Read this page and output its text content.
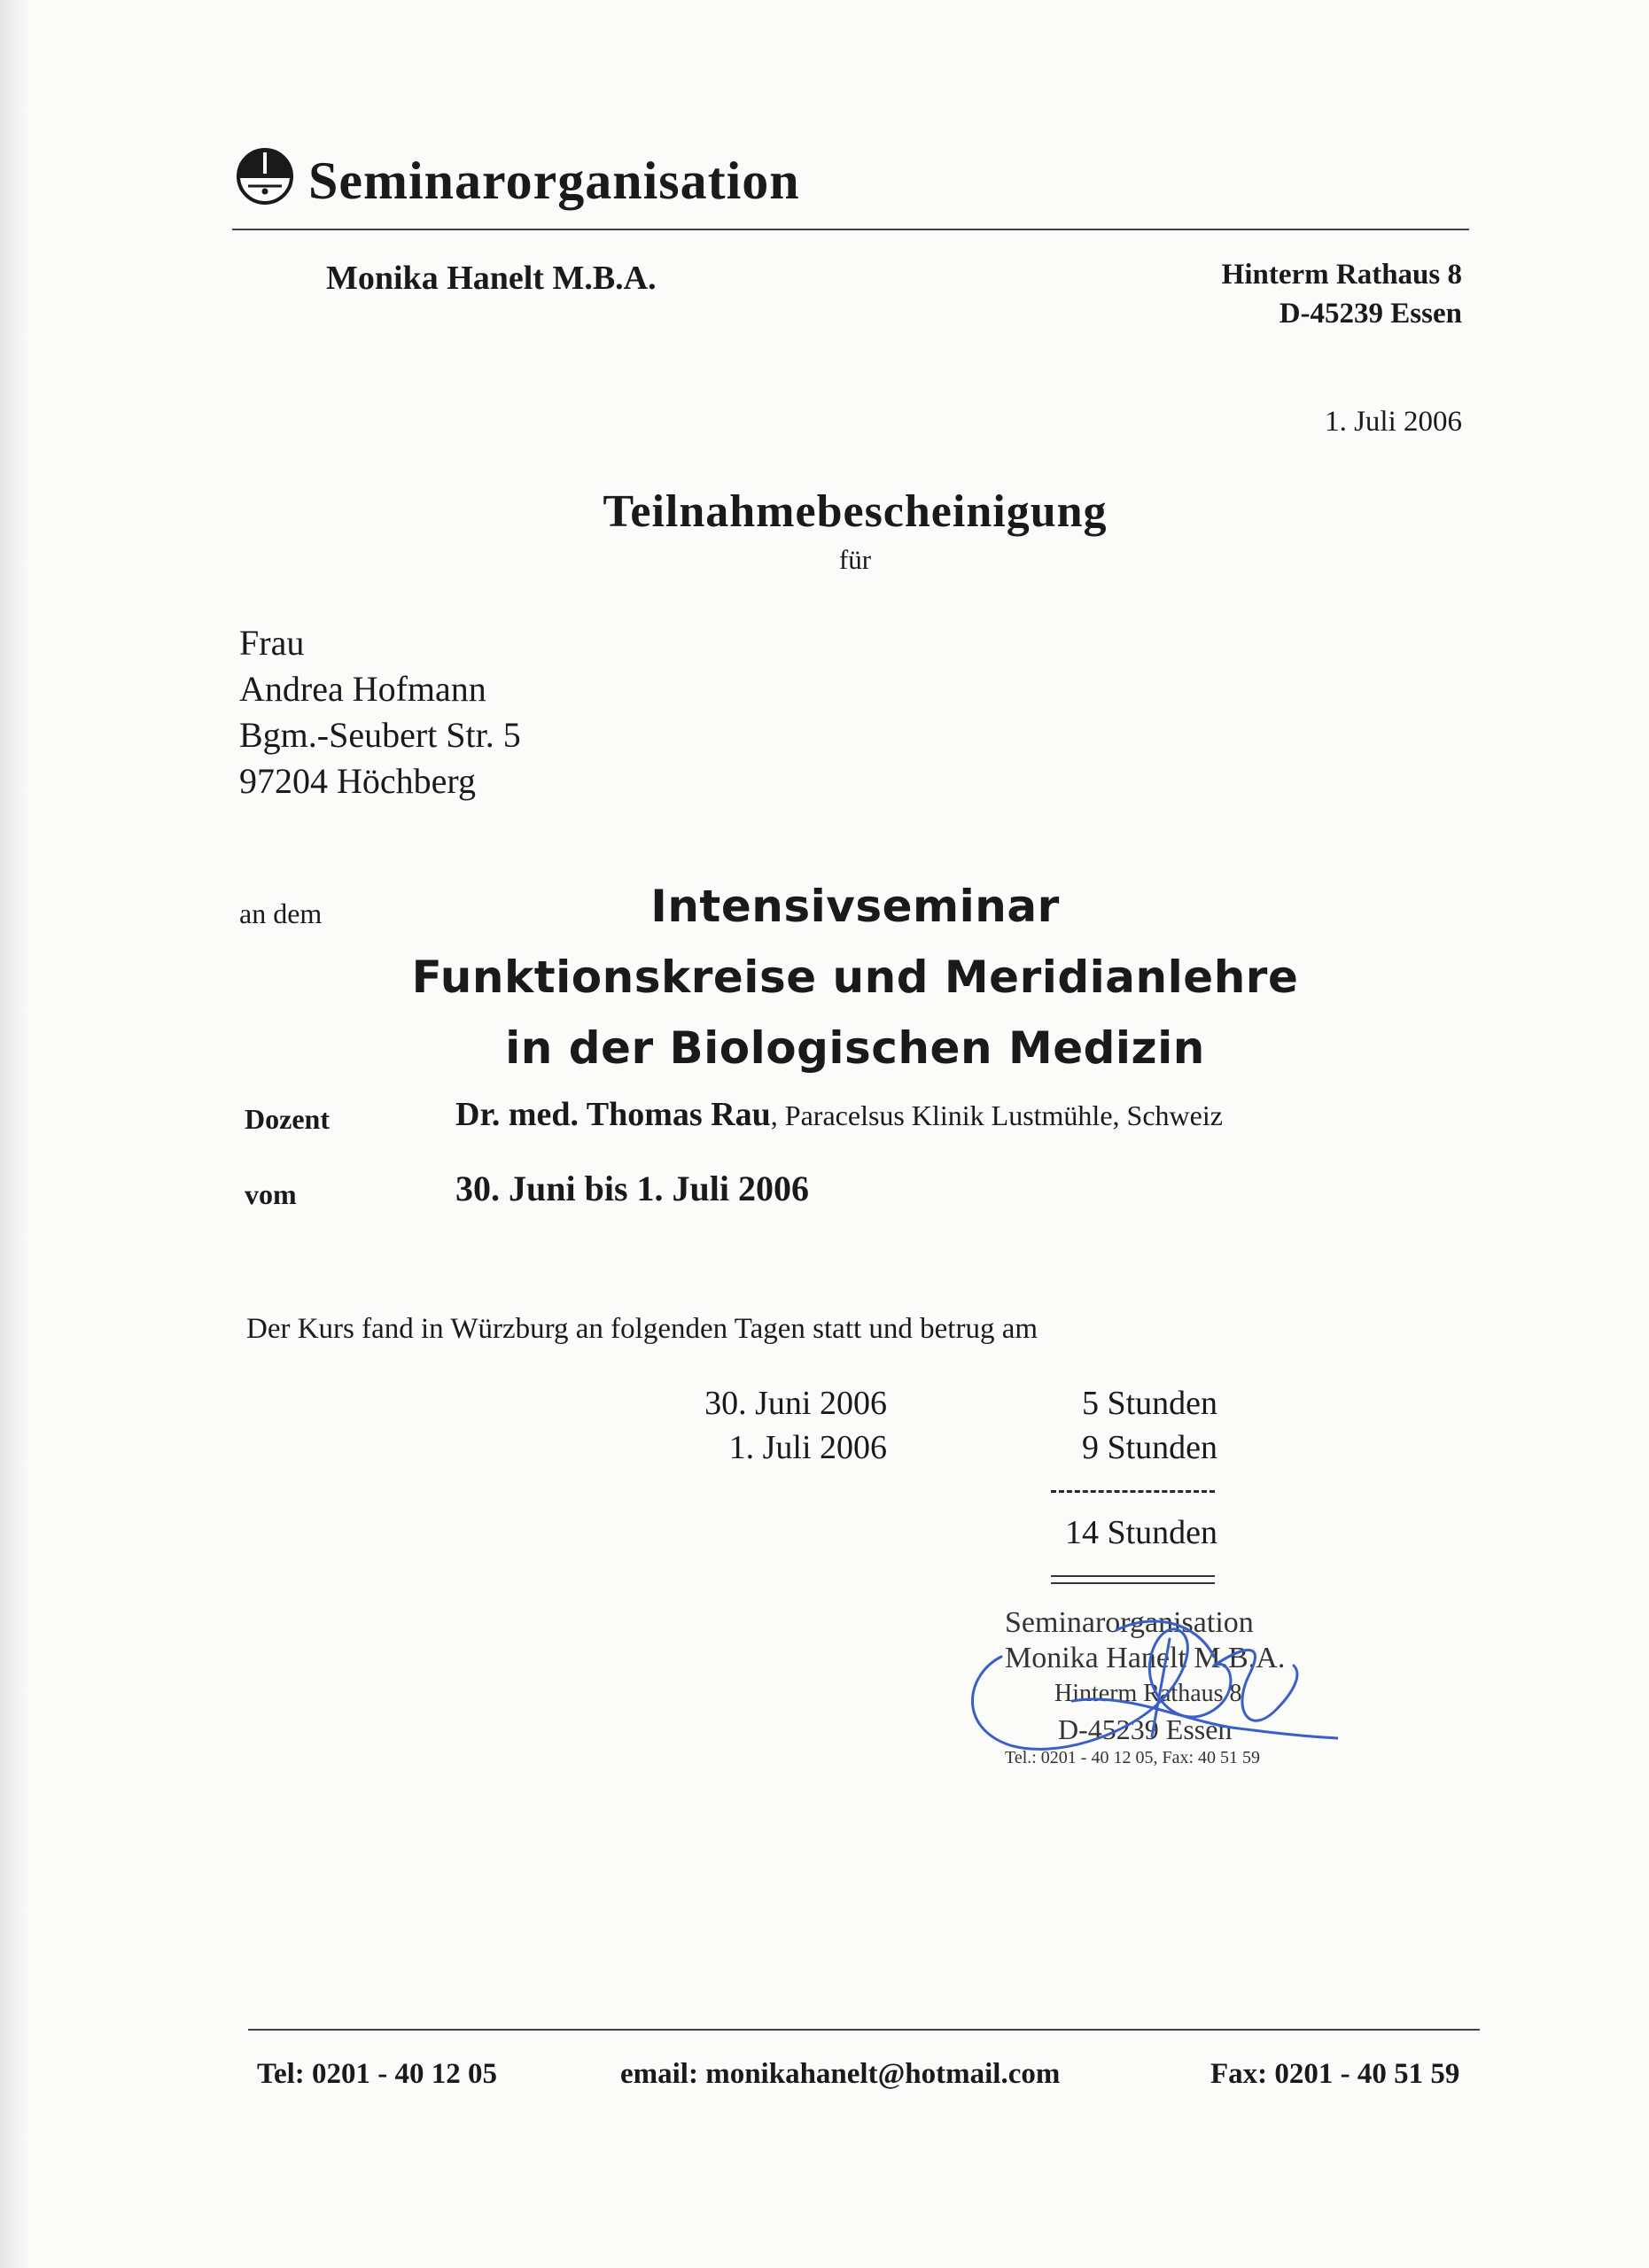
Seminarorganisation
Monika Hanelt M.B.A.	Hinterm Rathaus 8
D-45239 Essen
1. Juli 2006
Teilnahmebescheinigung
für
Frau
Andrea Hofmann
Bgm.-Seubert Str. 5
97204 Höchberg
an dem	Intensivseminar
Funktionskreise und Meridianlehre
in der Biologischen Medizin
Dozent	Dr. med. Thomas Rau, Paracelsus Klinik Lustmühle, Schweiz
vom	30. Juni bis 1. Juli 2006
Der Kurs fand in Würzburg an folgenden Tagen statt und betrug am
30. Juni 2006	5 Stunden
1. Juli 2006	9 Stunden
14 Stunden
Seminarorganisation
Monika Hanelt M.B.A.
Hinterm Rathaus 8
D-45239 Essen
Tel.: 0201 - 40 12 05, Fax: 40 51 59
Tel: 0201 - 40 12 05	email: monikahanelt@hotmail.com	Fax: 0201 - 40 51 59
